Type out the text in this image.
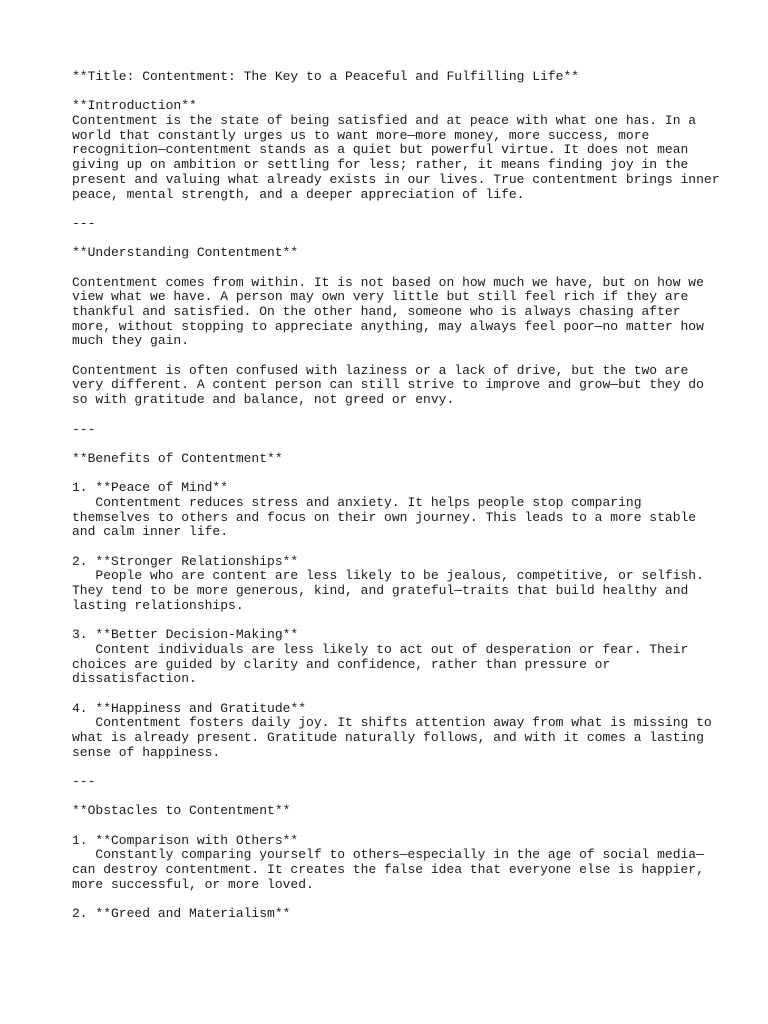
**Title: Contentment: The Key to a Peaceful and Fulfilling Life**
**Introduction**
Contentment is the state of being satisfied and at peace with what one has. In a
world that constantly urges us to want more—more money, more success, more
recognition—contentment stands as a quiet but powerful virtue. It does not mean
giving up on ambition or settling for less; rather, it means finding joy in the
present and valuing what already exists in our lives. True contentment brings inner
peace, mental strength, and a deeper appreciation of life.
---
**Understanding Contentment**
Contentment comes from within. It is not based on how much we have, but on how we
view what we have. A person may own very little but still feel rich if they are
thankful and satisfied. On the other hand, someone who is always chasing after
more, without stopping to appreciate anything, may always feel poor—no matter how
much they gain.
Contentment is often confused with laziness or a lack of drive, but the two are
very different. A content person can still strive to improve and grow—but they do
so with gratitude and balance, not greed or envy.
---
**Benefits of Contentment**
1. **Peace of Mind**
Contentment reduces stress and anxiety. It helps people stop comparing
themselves to others and focus on their own journey. This leads to a more stable
and calm inner life.
2. **Stronger Relationships**
People who are content are less likely to be jealous, competitive, or selfish.
They tend to be more generous, kind, and grateful—traits that build healthy and
lasting relationships.
3. **Better Decision-Making**
Content individuals are less likely to act out of desperation or fear. Their
choices are guided by clarity and confidence, rather than pressure or
dissatisfaction.
4. **Happiness and Gratitude**
Contentment fosters daily joy. It shifts attention away from what is missing to
what is already present. Gratitude naturally follows, and with it comes a lasting
sense of happiness.
---
**Obstacles to Contentment**
1. **Comparison with Others**
Constantly comparing yourself to others—especially in the age of social media—
can destroy contentment. It creates the false idea that everyone else is happier,
more successful, or more loved.
2. **Greed and Materialism**
